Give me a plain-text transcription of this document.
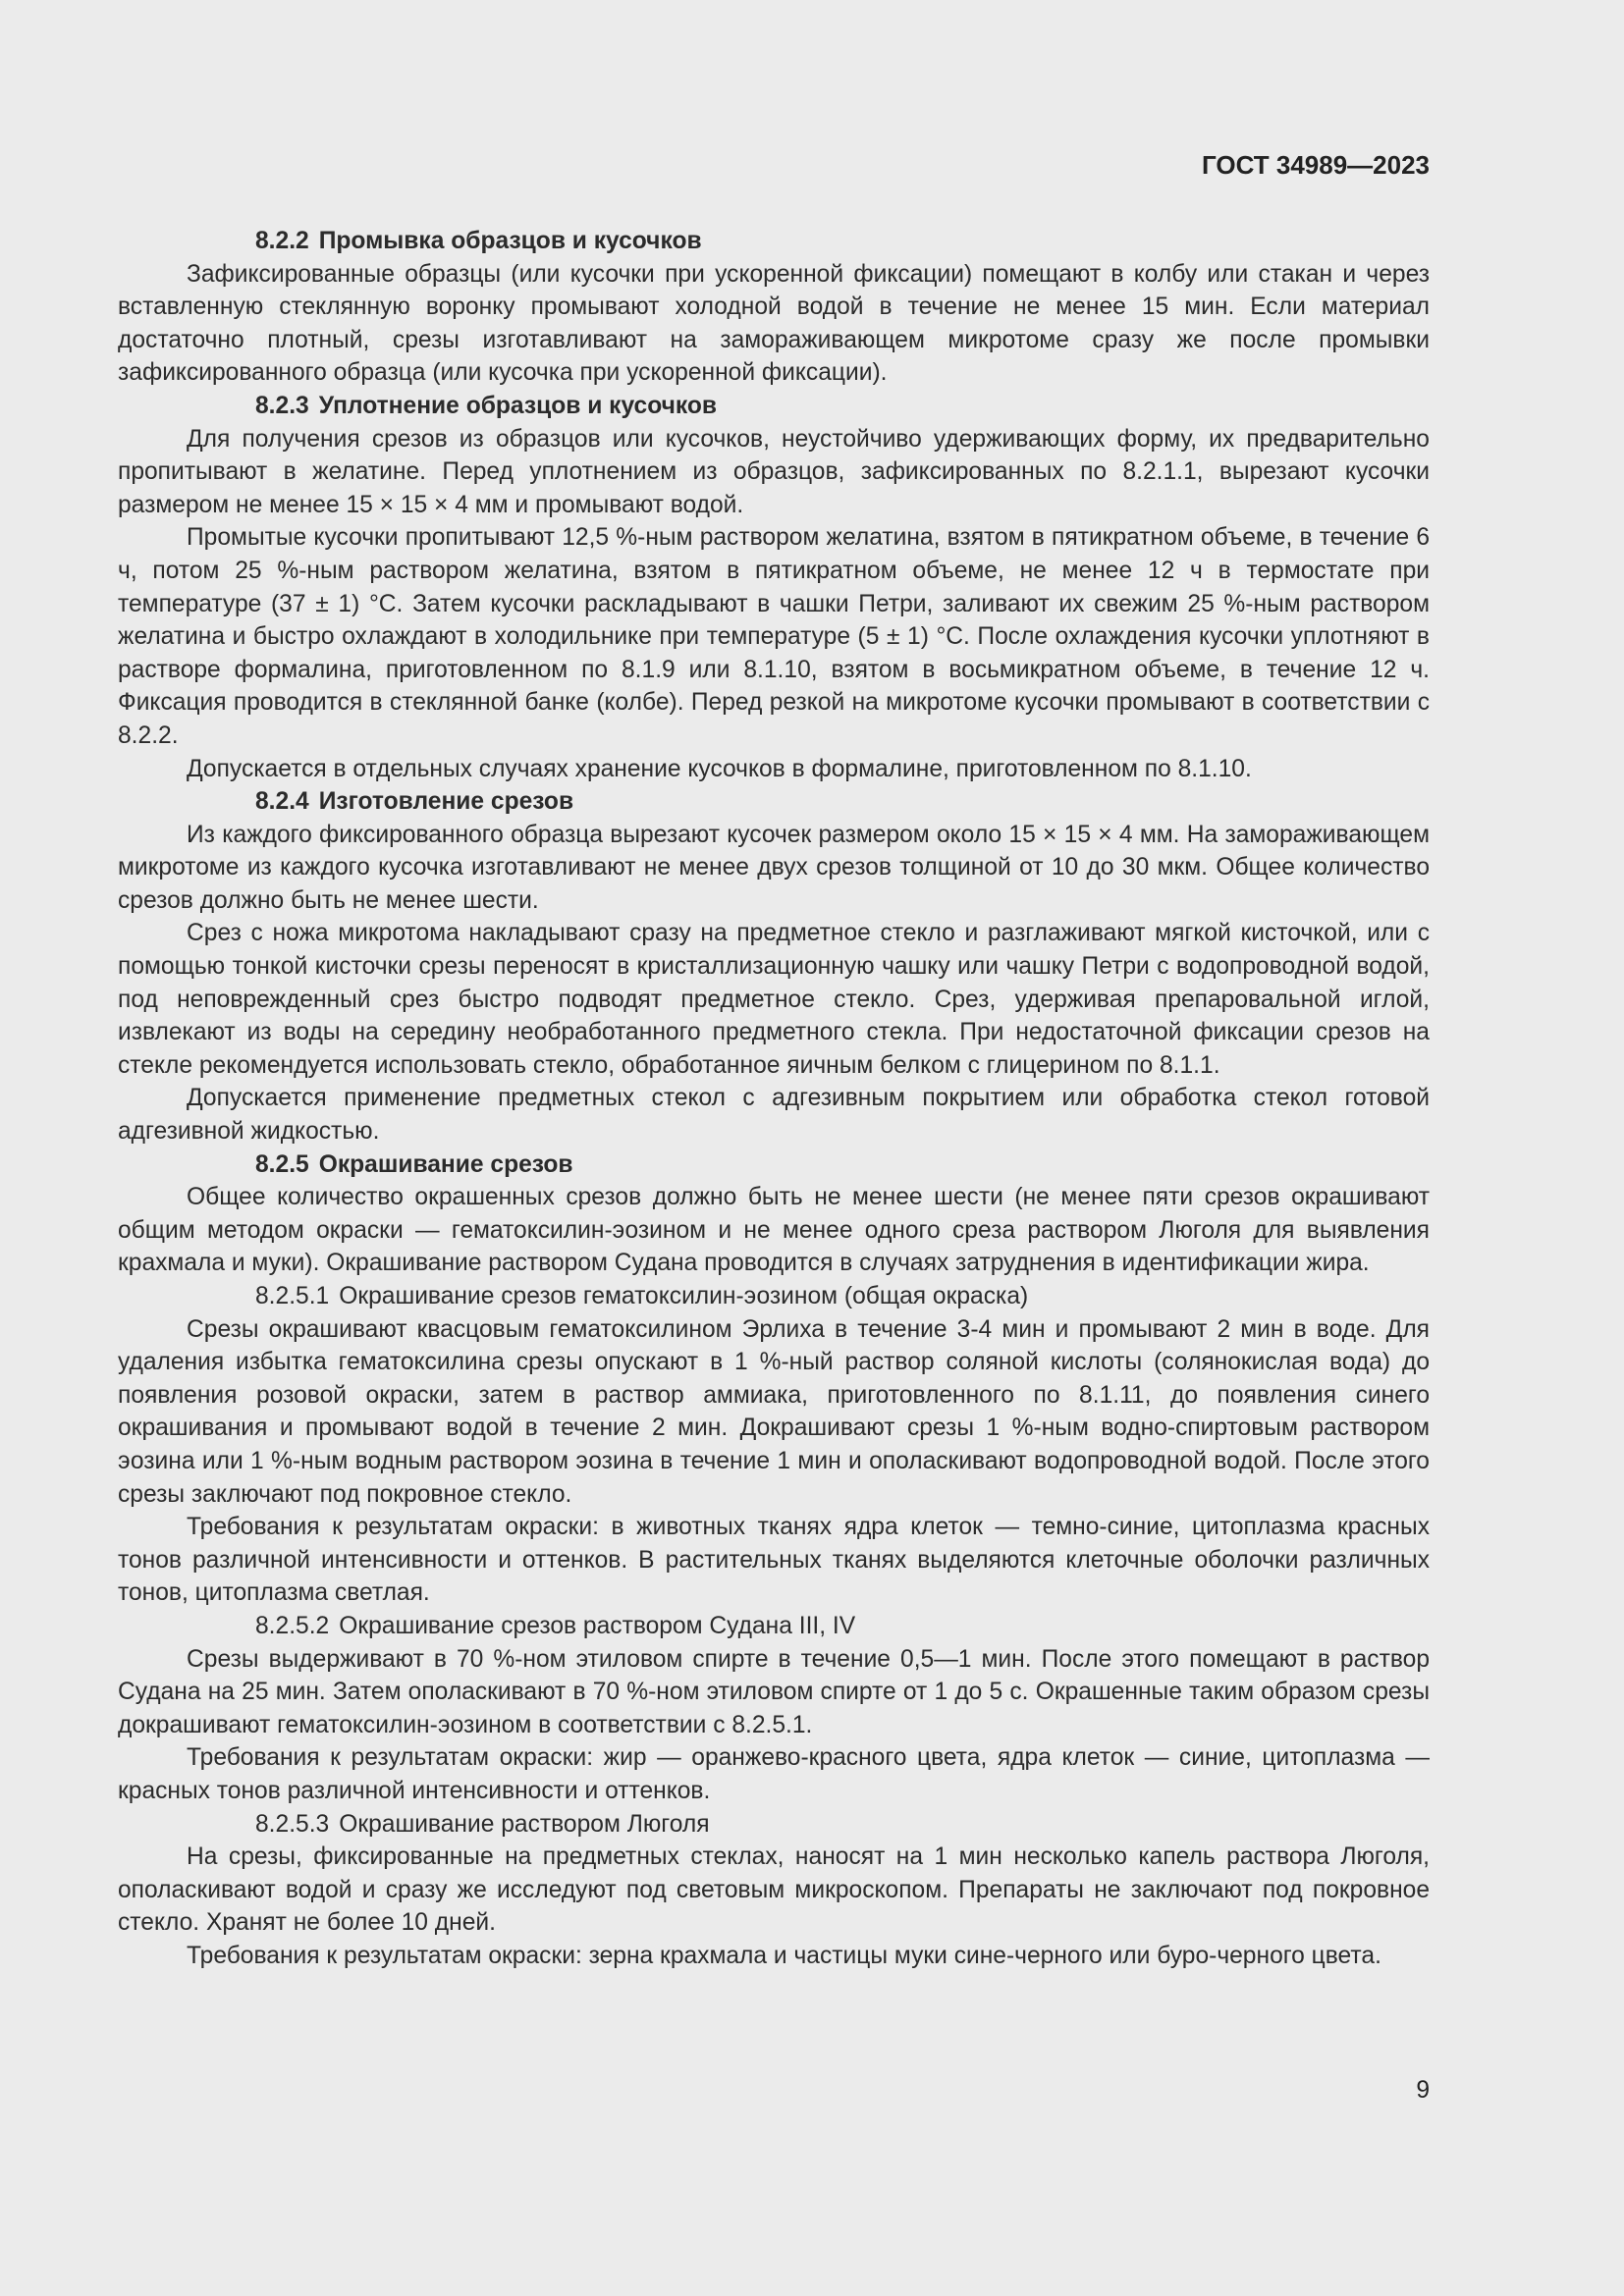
ГОСТ 34989—2023

8.2.2 Промывка образцов и кусочков

Зафиксированные образцы (или кусочки при ускоренной фиксации) помещают в колбу или стакан и через вставленную стеклянную воронку промывают холодной водой в течение не менее 15 мин. Если материал достаточно плотный, срезы изготавливают на замораживающем микротоме сразу же после промывки зафиксированного образца (или кусочка при ускоренной фиксации).

8.2.3 Уплотнение образцов и кусочков

Для получения срезов из образцов или кусочков, неустойчиво удерживающих форму, их предварительно пропитывают в желатине. Перед уплотнением из образцов, зафиксированных по 8.2.1.1, вырезают кусочки размером не менее 15 × 15 × 4 мм и промывают водой.

Промытые кусочки пропитывают 12,5 %-ным раствором желатина, взятом в пятикратном объеме, в течение 6 ч, потом 25 %-ным раствором желатина, взятом в пятикратном объеме, не менее 12 ч в термостате при температуре (37 ± 1) °С. Затем кусочки раскладывают в чашки Петри, заливают их свежим 25 %-ным раствором желатина и быстро охлаждают в холодильнике при температуре (5 ± 1) °С. После охлаждения кусочки уплотняют в растворе формалина, приготовленном по 8.1.9 или 8.1.10, взятом в восьмикратном объеме, в течение 12 ч. Фиксация проводится в стеклянной банке (колбе). Перед резкой на микротоме кусочки промывают в соответствии с 8.2.2.

Допускается в отдельных случаях хранение кусочков в формалине, приготовленном по 8.1.10.

8.2.4 Изготовление срезов

Из каждого фиксированного образца вырезают кусочек размером около 15 × 15 × 4 мм. На замораживающем микротоме из каждого кусочка изготавливают не менее двух срезов толщиной от 10 до 30 мкм. Общее количество срезов должно быть не менее шести.

Срез с ножа микротома накладывают сразу на предметное стекло и разглаживают мягкой кисточкой, или с помощью тонкой кисточки срезы переносят в кристаллизационную чашку или чашку Петри с водопроводной водой, под неповрежденный срез быстро подводят предметное стекло. Срез, удерживая препаровальной иглой, извлекают из воды на середину необработанного предметного стекла. При недостаточной фиксации срезов на стекле рекомендуется использовать стекло, обработанное яичным белком с глицерином по 8.1.1.

Допускается применение предметных стекол с адгезивным покрытием или обработка стекол готовой адгезивной жидкостью.

8.2.5 Окрашивание срезов

Общее количество окрашенных срезов должно быть не менее шести (не менее пяти срезов окрашивают общим методом окраски — гематоксилин-эозином и не менее одного среза раствором Люголя для выявления крахмала и муки). Окрашивание раствором Судана проводится в случаях затруднения в идентификации жира.

8.2.5.1 Окрашивание срезов гематоксилин-эозином (общая окраска)

Срезы окрашивают квасцовым гематоксилином Эрлиха в течение 3-4 мин и промывают 2 мин в воде. Для удаления избытка гематоксилина срезы опускают в 1 %-ный раствор соляной кислоты (солянокислая вода) до появления розовой окраски, затем в раствор аммиака, приготовленного по 8.1.11, до появления синего окрашивания и промывают водой в течение 2 мин. Докрашивают срезы 1 %-ным водно-спиртовым раствором эозина или 1 %-ным водным раствором эозина в течение 1 мин и ополаскивают водопроводной водой. После этого срезы заключают под покровное стекло.

Требования к результатам окраски: в животных тканях ядра клеток — темно-синие, цитоплазма красных тонов различной интенсивности и оттенков. В растительных тканях выделяются клеточные оболочки различных тонов, цитоплазма светлая.

8.2.5.2 Окрашивание срезов раствором Судана III, IV

Срезы выдерживают в 70 %-ном этиловом спирте в течение 0,5—1 мин. После этого помещают в раствор Судана на 25 мин. Затем ополаскивают в 70 %-ном этиловом спирте от 1 до 5 с. Окрашенные таким образом срезы докрашивают гематоксилин-эозином в соответствии с 8.2.5.1.

Требования к результатам окраски: жир — оранжево-красного цвета, ядра клеток — синие, цитоплазма — красных тонов различной интенсивности и оттенков.

8.2.5.3 Окрашивание раствором Люголя

На срезы, фиксированные на предметных стеклах, наносят на 1 мин несколько капель раствора Люголя, ополаскивают водой и сразу же исследуют под световым микроскопом. Препараты не заключают под покровное стекло. Хранят не более 10 дней.

Требования к результатам окраски: зерна крахмала и частицы муки сине-черного или буро-черного цвета.

9
